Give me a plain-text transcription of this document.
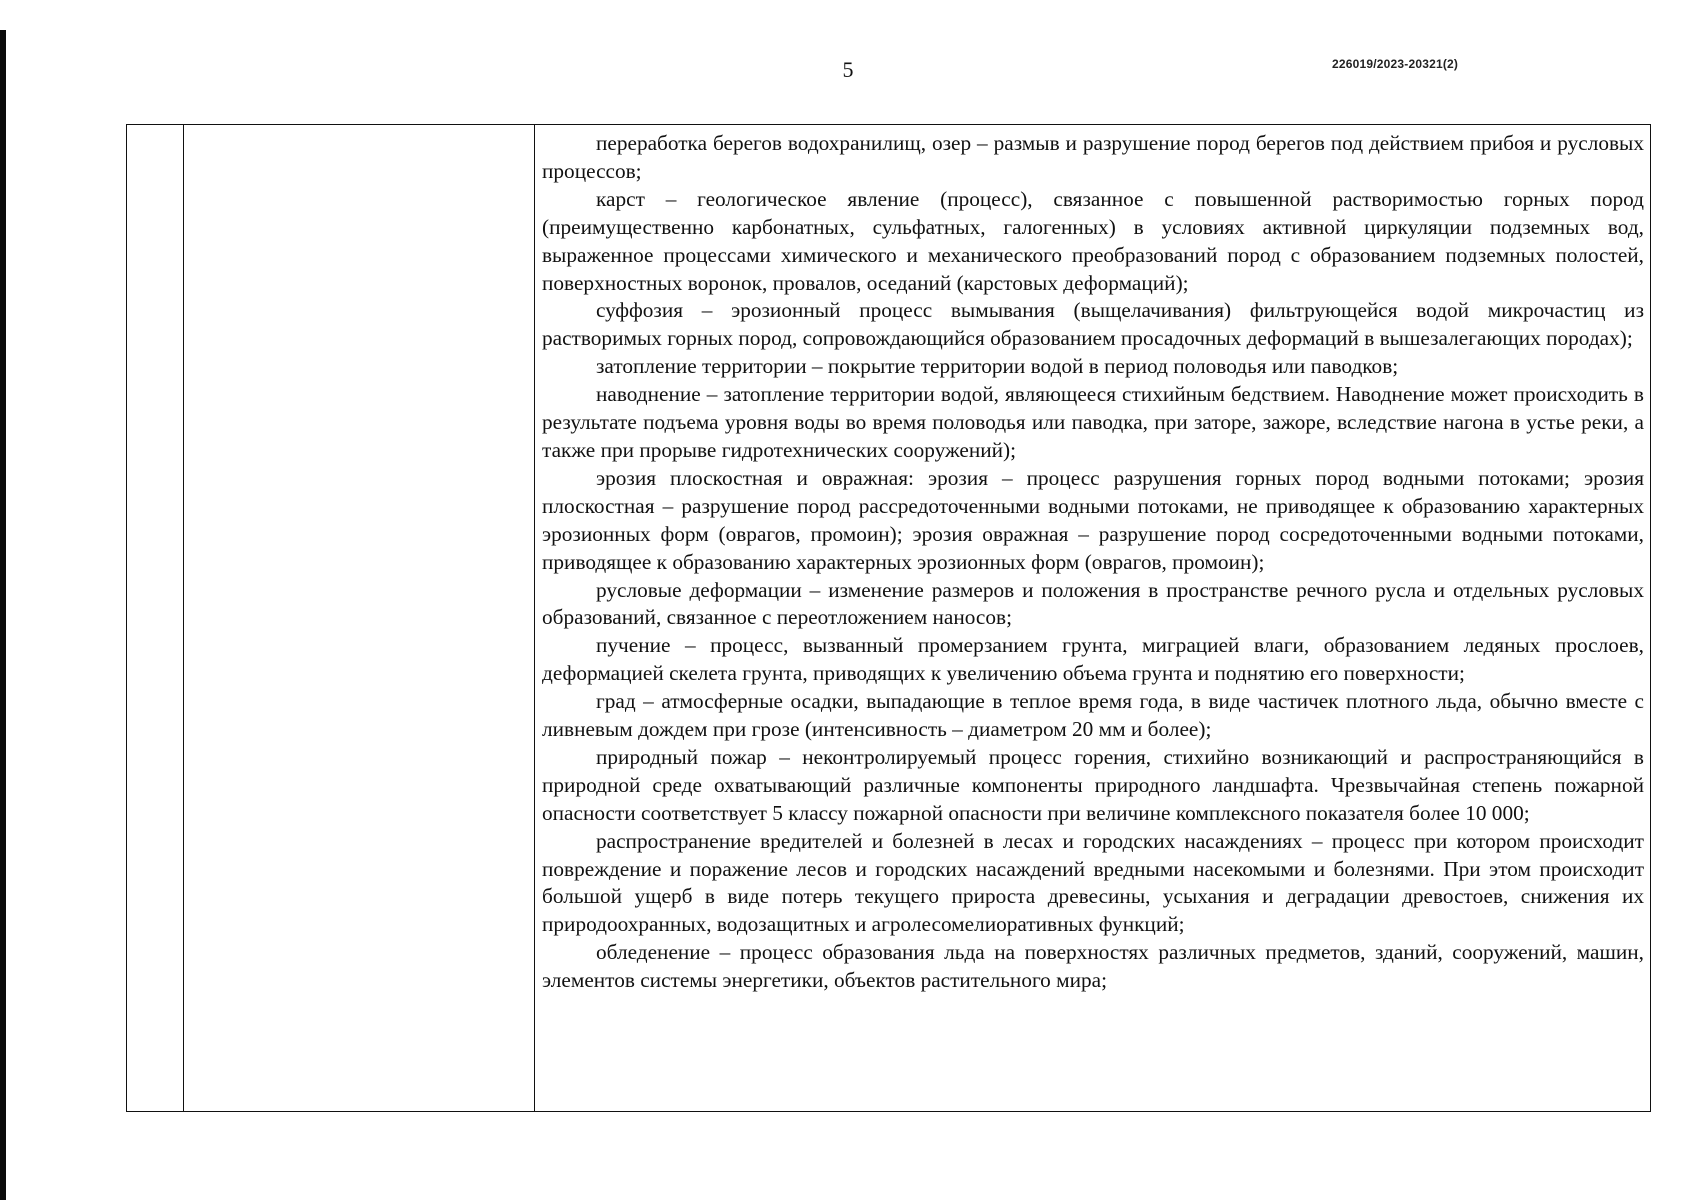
5	226019/2023-20321(2)

переработка берегов водохранилищ, озер – размыв и разрушение пород берегов под действием прибоя и русловых процессов;

карст – геологическое явление (процесс), связанное с повышенной растворимостью горных пород (преимущественно карбонатных, сульфатных, галогенных) в условиях активной циркуляции подземных вод, выраженное процессами химического и механического преобразований пород с образованием подземных полостей, поверхностных воронок, провалов, оседаний (карстовых деформаций);

суффозия – эрозионный процесс вымывания (выщелачивания) фильтрующейся водой микрочастиц из растворимых горных пород, сопровождающийся образованием просадочных деформаций в вышезалегающих породах);

затопление территории – покрытие территории водой в период половодья или паводков;

наводнение – затопление территории водой, являющееся стихийным бедствием. Наводнение может происходить в результате подъема уровня воды во время половодья или паводка, при заторе, зажоре, вследствие нагона в устье реки, а также при прорыве гидротехнических сооружений);

эрозия плоскостная и овражная: эрозия – процесс разрушения горных пород водными потоками; эрозия плоскостная – разрушение пород рассредоточенными водными потоками, не приводящее к образованию характерных эрозионных форм (оврагов, промоин); эрозия овражная – разрушение пород сосредоточенными водными потоками, приводящее к образованию характерных эрозионных форм (оврагов, промоин);

русловые деформации – изменение размеров и положения в пространстве речного русла и отдельных русловых образований, связанное с переотложением наносов;

пучение – процесс, вызванный промерзанием грунта, миграцией влаги, образованием ледяных прослоев, деформацией скелета грунта, приводящих к увеличению объема грунта и поднятию его поверхности;

град – атмосферные осадки, выпадающие в теплое время года, в виде частичек плотного льда, обычно вместе с ливневым дождем при грозе (интенсивность – диаметром 20 мм и более);

природный пожар – неконтролируемый процесс горения, стихийно возникающий и распространяющийся в природной среде охватывающий различные компоненты природного ландшафта. Чрезвычайная степень пожарной опасности соответствует 5 классу пожарной опасности при величине комплексного показателя более 10 000;

распространение вредителей и болезней в лесах и городских насаждениях – процесс при котором происходит повреждение и поражение лесов и городских насаждений вредными насекомыми и болезнями. При этом происходит большой ущерб в виде потерь текущего прироста древесины, усыхания и деградации древостоев, снижения их природоохранных, водозащитных и агролесомелиоративных функций;

обледенение – процесс образования льда на поверхностях различных предметов, зданий, сооружений, машин, элементов системы энергетики, объектов растительного мира;
